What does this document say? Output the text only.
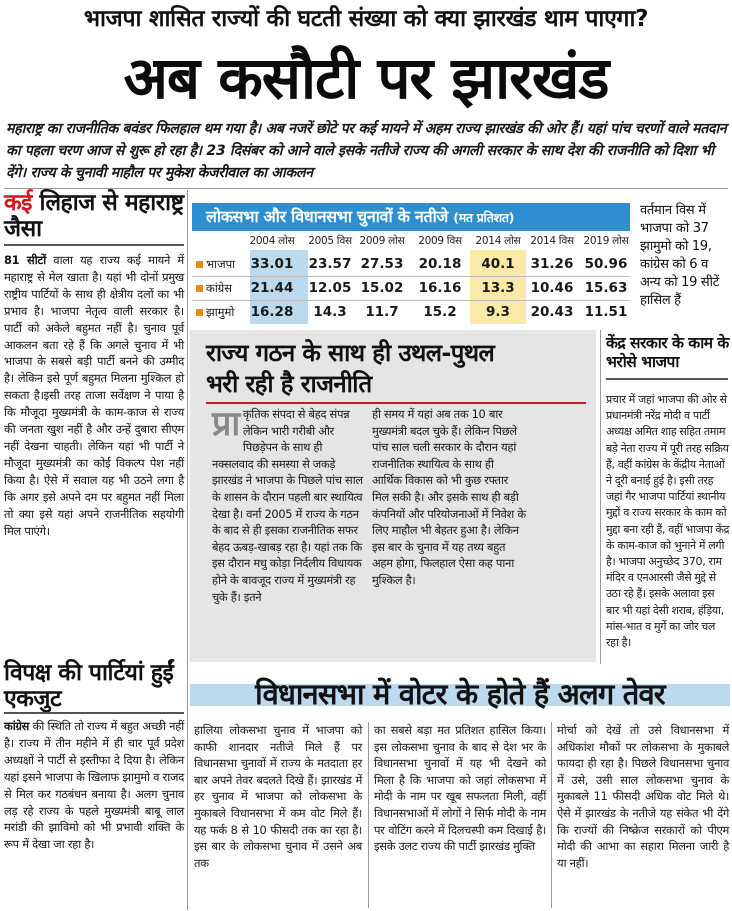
भाजपा शासित राज्यों की घटती संख्या को क्या झारखंड थाम पाएगा?
अब कसौटी पर झारखंड
महाराष्ट्र का राजनीतिक बवंडर फिलहाल थम गया है। अब नजरें छोटे पर कई मायने में अहम राज्य झारखंड की ओर हैं। यहां पांच चरणों वाले मतदान का पहला चरण आज से शुरू हो रहा है। 23 दिसंबर को आने वाले इसके नतीजे राज्य की अगली सरकार के साथ देश की राजनीति को दिशा भी देंगे। राज्य के चुनावी माहौल पर मुकेश केजरीवाल का आकलन
कई लिहाज से महाराष्ट्र जैसा
81 सीटों वाला यह राज्य कई मायने में महाराष्ट्र से मेल खाता है। यहां भी दोनों प्रमुख राष्ट्रीय पार्टियों के साथ ही क्षेत्रीय दलों का भी प्रभाव है। भाजपा नेतृत्व वाली सरकार है। पार्टी को अकेले बहुमत नहीं है। चुनाव पूर्व आकलन बता रहे हैं कि अगले चुनाव में भी भाजपा के सबसे बड़ी पार्टी बनने की उम्मीद है। लेकिन इसे पूर्ण बहुमत मिलना मुश्किल हो सकता है।इसी तरह ताजा सर्वेक्षण ने पाया है कि मौजूदा मुख्यमंत्री के काम-काज से राज्य की जनता खुश नहीं है और उन्हें दुबारा सीएम नहीं देखना चाहती। लेकिन यहां भी पार्टी ने मौजूदा मुख्यमंत्री का कोई विकल्प पेश नहीं किया है। ऐसे में सवाल यह भी उठने लगा है कि अगर इसे अपने दम पर बहुमत नहीं मिला तो क्या इसे यहां अपने राजनीतिक सहयोगी मिल पाएंगे।
विपक्ष की पार्टियां हुईं एकजुट
कांग्रेस की स्थिति तो राज्य में बहुत अच्छी नहीं है। राज्य में तीन महीने में ही चार पूर्व प्रदेश अध्यक्षों ने पार्टी से इस्तीफा दे दिया है। लेकिन यहां इसने भाजपा के खिलाफ झामुमो व राजद से मिल कर गठबंधन बनाया है। अलग चुनाव लड़ रहे राज्य के पहले मुख्यमंत्री बाबू लाल मरांडी की झाविमो को भी प्रभावी शक्ति के रूप में देखा जा रहा है।
लोकसभा और विधानसभा चुनावों के नतीजे (मत प्रतिशत)
2004 लोस	2005 विस 2009 लोस	2009 विस	2014 लोस 2014 विस 2019 लोस
भाजपा	33.01	23.57 27.53	20.18	40.1	31.26 50.96
कांग्रेस	21.44	12.05 15.02	16.16	13.3	10.46 15.63
झामुमो	16.28	14.3	11.7	15.2	9.3	20.43 11.51
वर्तमान विस में भाजपा को 37 झामुमो को 19, कांग्रेस को 6 व अन्य को 19 सीटें हासिल हैं
राज्य गठन के साथ ही उथल-पुथल भरी रही है राजनीति
प्रा कृतिक संपदा से बेहद संपन्न लेकिन भारी गरीबी और पिछड़ेपन के साथ ही नक्सलवाद की समस्या से जकड़े झारखंड ने भाजपा के पिछले पांच साल के शासन के दौरान पहली बार स्थायित्व देखा है। वर्ना 2005 में राज्य के गठन के बाद से ही इसका राजनीतिक सफर बेहद ऊबड़-खाबड़ रहा है। यहां तक कि इस दौरान मधु कोड़ा निर्दलीय विधायक होने के बावजूद राज्य में मुख्यमंत्री रह चुके हैं। इतने
ही समय में यहां अब तक 10 बार मुख्यमंत्री बदल चुके हैं। लेकिन पिछले पांच साल चली सरकार के दौरान यहां राजनीतिक स्थायित्व के साथ ही आर्थिक विकास को भी कुछ रफ्तार मिल सकी है। और इसके साथ ही बड़ी कंपनियों और परियोजनाओं में निवेश के लिए माहौल भी बेहतर हुआ है। लेकिन इस बार के चुनाव में यह तथ्य बहुत अहम होगा, फिलहाल ऐसा कह पाना मुश्किल है।
केंद्र सरकार के काम के भरोसे भाजपा
प्रचार में जहां भाजपा की ओर से प्रधानमंत्री नरेंद्र मोदी व पार्टी अध्यक्ष अमित शाह सहित तमाम बड़े नेता राज्य में पूरी तरह सक्रिय हैं, वहीं कांग्रेस के केंद्रीय नेताओं ने दूरी बनाई हुई है। इसी तरह जहां गैर भाजपा पार्टियां स्थानीय मुद्दों व राज्य सरकार के काम को मुद्दा बना रही हैं, वहीं भाजपा केंद्र के काम-काज को भुनाने में लगी है। भाजपा अनुच्छेद 370, राम मंदिर व एनआरसी जैसे मुद्दे से उठा रहे हैं। इसके अलावा इस बार भी यहां देसी शराब, हंड़िया, मांस-भात व मुर्गे का जोर चल रहा है।
विधानसभा में वोटर के होते हैं अलग तेवर
हालिया लोकसभा चुनाव में भाजपा को काफी शानदार नतीजे मिले हैं पर विधानसभा चुनावों में राज्य के मतदाता हर बार अपने तेवर बदलते दिखे हैं। झारखंड में हर चुनाव में भाजपा को लोकसभा के मुकाबले विधानसभा में कम वोट मिले हैं। यह फर्क 8 से 10 फीसदी तक का रहा है। इस बार के लोकसभा चुनाव में उसने अब तक
का सबसे बड़ा मत प्रतिशत हासिल किया। इस लोकसभा चुनाव के बाद से देश भर के विधानसभा चुनावों में यह भी देखने को मिला है कि भाजपा को जहां लोकसभा में मोदी के नाम पर खूब सफलता मिली, वहीं विधानसभाओं में लोगों ने सिर्फ मोदी के नाम पर वोटिंग करने में दिलचस्पी कम दिखाई है। इसके उलट राज्य की पार्टी झारखंड मुक्ति
मोर्चा को देखें तो उसे विधानसभा में अधिकांश मौकों पर लोकसभा के मुकाबले फायदा ही रहा है। पिछले विधानसभा चुनाव में उसे, उसी साल लोकसभा चुनाव के मुकाबले 11 फीसदी अधिक वोट मिले थे। ऐसे में झारखंड के नतीजे यह संकेत भी देंगे कि राज्यों की निष्क्रेज सरकारों को पीएम मोदी की आभा का सहारा मिलना जारी है या नहीं।
